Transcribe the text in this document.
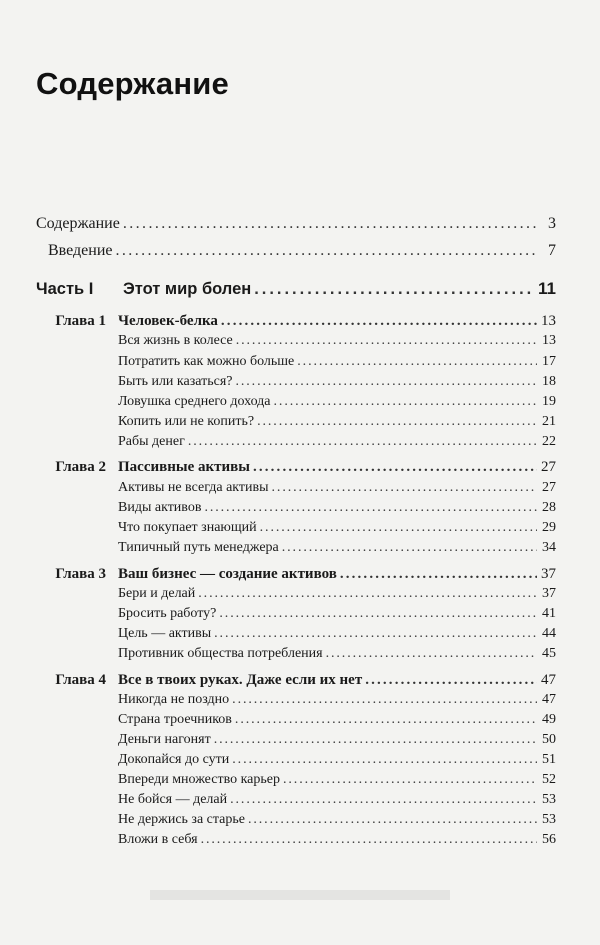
Содержание
Содержание . . .	3
Введение . . .	7
Часть I	Этот мир болен . . .	11
Глава 1 Человек-белка . . .	13
Вся жизнь в колесе . . .	13
Потратить как можно больше . . .	17
Быть или казаться? . . .	18
Ловушка среднего дохода . . .	19
Копить или не копить? . . .	21
Рабы денег . . .	22
Глава 2 Пассивные активы . . .	27
Активы не всегда активы . . .	27
Виды активов . . .	28
Что покупает знающий . . .	29
Типичный путь менеджера . . .	34
Глава 3 Ваш бизнес — создание активов . . .	37
Бери и делай . . .	37
Бросить работу? . . .	41
Цель — активы . . .	44
Противник общества потребления . . .	45
Глава 4 Все в твоих руках. Даже если их нет . . .	47
Никогда не поздно . . .	47
Страна троечников . . .	49
Деньги нагонят . . .	50
Докопайся до сути . . .	51
Впереди множество карьер . . .	52
Не бойся — делай . . .	53
Не держись за старье . . .	53
Вложи в себя . . .	56
